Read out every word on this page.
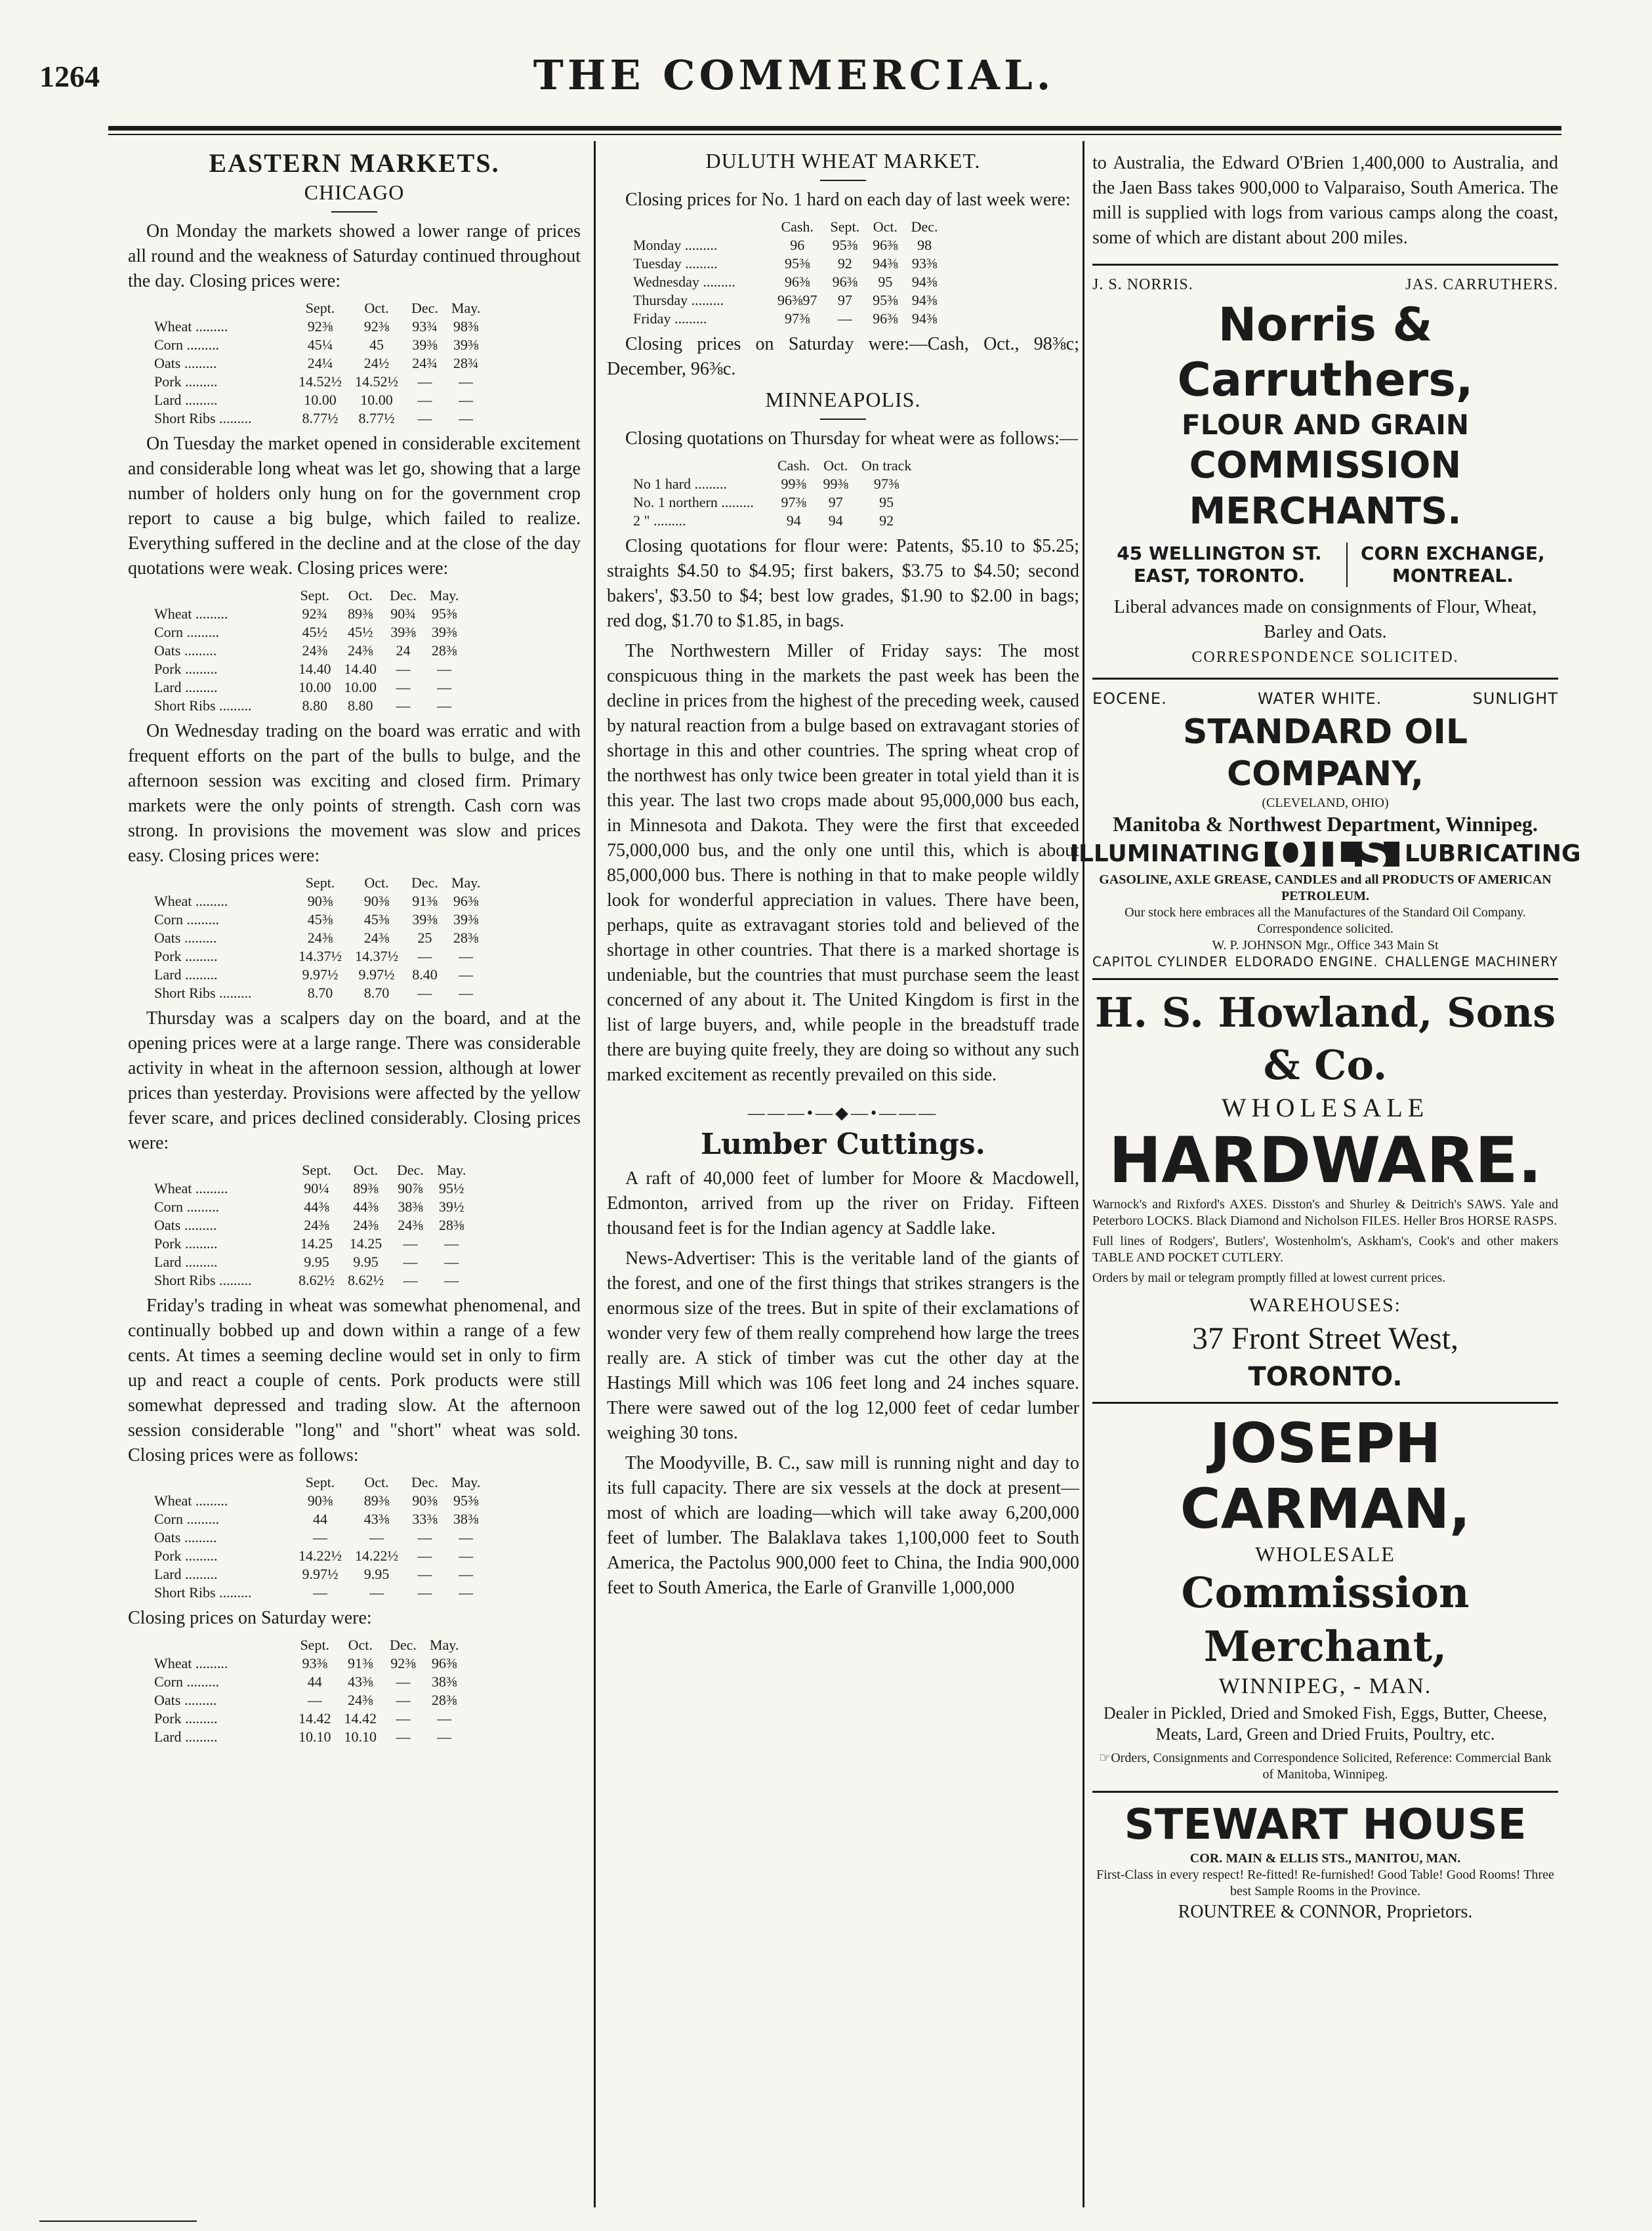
1264	THE COMMERCIAL.
EASTERN MARKETS.
CHICAGO

On Monday the markets showed a lower range of prices all round and the weakness of Saturday continued throughout the day. Closing prices were:

	Sept.	Oct.	Dec.	May.
Wheat .........	92⅜	92⅜	93¾	98⅜
Corn .........	45¼	45	39⅜	39⅜
Oats .........	24¼	24½	24¾	28¾
Pork .........	14.52½	14.52½	—	—
Lard .........	10.00	10.00	—	—
Short Ribs .........	8.77½	8.77½	—	—

On Tuesday the market opened in considerable excitement and considerable long wheat was let go, showing that a large number of holders only hung on for the government crop report to cause a big bulge, which failed to realize. Everything suffered in the decline and at the close of the day quotations were weak. Closing prices were:

	Sept.	Oct.	Dec.	May.
Wheat .........	92¾	89⅜	90¾	95⅜
Corn .........	45½	45½	39⅜	39⅜
Oats .........	24⅜	24⅜	24	28⅜
Pork .........	14.40	14.40	—	—
Lard .........	10.00	10.00	—	—
Short Ribs .........	8.80	8.80	—	—

On Wednesday trading on the board was erratic and with frequent efforts on the part of the bulls to bulge, and the afternoon session was exciting and closed firm. Primary markets were the only points of strength. Cash corn was strong. In provisions the movement was slow and prices easy. Closing prices were:

	Sept.	Oct.	Dec.	May.
Wheat .........	90⅜	90⅜	91⅜	96⅜
Corn .........	45⅜	45⅜	39⅜	39⅜
Oats .........	24⅜	24⅜	25	28⅜
Pork .........	14.37½	14.37½	—	—
Lard .........	9.97½	9.97½	8.40	—
Short Ribs .........	8.70	8.70	—	—

Thursday was a scalpers day on the board, and at the opening prices were at a large range. There was considerable activity in wheat in the afternoon session, although at lower prices than yesterday. Provisions were affected by the yellow fever scare, and prices declined considerably. Closing prices were:

	Sept.	Oct.	Dec.	May.
Wheat .........	90¼	89⅜	90⅞	95½
Corn .........	44⅜	44⅜	38⅜	39½
Oats .........	24⅜	24⅜	24⅜	28⅜
Pork .........	14.25	14.25	—	—
Lard .........	9.95	9.95	—	—
Short Ribs .........	8.62½	8.62½	—	—

Friday's trading in wheat was somewhat phenomenal, and continually bobbed up and down within a range of a few cents. At times a seeming decline would set in only to firm up and react a couple of cents. Pork products were still somewhat depressed and trading slow. At the afternoon session considerable "long" and "short" wheat was sold. Closing prices were as follows:

	Sept.	Oct.	Dec.	May.
Wheat .........	90⅜	89⅜	90⅜	95⅜
Corn .........	44	43⅜	33⅜	38⅜
Oats .........	—	—	—	—
Pork .........	14.22½	14.22½	—	—
Lard .........	9.97½	9.95	—	—
Short Ribs .........	—	—	—	—

Closing prices on Saturday were:

	Sept.	Oct.	Dec.	May.
Wheat .........	93⅜	91⅜	92⅜	96⅜
Corn .........	44	43⅜	—	38⅜
Oats .........	—	24⅜	—	28⅜
Pork .........	14.42	14.42	—	—
Lard .........	10.10	10.10	—	—
DULUTH WHEAT MARKET.

Closing prices for No. 1 hard on each day of last week were:

	Cash.	Sept.	Oct.	Dec.
Monday .........	96	95⅜	96⅜	98
Tuesday .........	95⅜	92	94⅜	93⅜
Wednesday .........	96⅜	96⅜	95	94⅜
Thursday .........	96⅜97	97	95⅜	94⅜
Friday .........	97⅜	—	96⅜	94⅜

Closing prices on Saturday were:—Cash, Oct., 98⅜c; December, 96⅜c.

MINNEAPOLIS.

Closing quotations on Thursday for wheat were as follows:—

	Cash.	Oct.	On track
No 1 hard .........	99⅜	99⅜	97⅜
No. 1 northern .........	97⅜	97	95
2 " .........	94	94	92

Closing quotations for flour were: Patents, $5.10 to $5.25; straights $4.50 to $4.95; first bakers, $3.75 to $4.50; second bakers', $3.50 to $4; best low grades, $1.90 to $2.00 in bags; red dog, $1.70 to $1.85, in bags.

The Northwestern Miller of Friday says: The most conspicuous thing in the markets the past week has been the decline in prices from the highest of the preceding week, caused by natural reaction from a bulge based on extravagant stories of shortage in this and other countries. The spring wheat crop of the northwest has only twice been greater in total yield than it is this year. The last two crops made about 95,000,000 bus each, in Minnesota and Dakota. They were the first that exceeded 75,000,000 bus, and the only one until this, which is about 85,000,000 bus. There is nothing in that to make people wildly look for wonderful appreciation in values. There have been, perhaps, quite as extravagant stories told and believed of the shortage in other countries. That there is a marked shortage is undeniable, but the countries that must purchase seem the least concerned of any about it. The United Kingdom is first in the list of large buyers, and, while people in the breadstuff trade there are buying quite freely, they are doing so without any such marked excitement as recently prevailed on this side.

———•—◆—•———
Lumber Cuttings.

A raft of 40,000 feet of lumber for Moore & Macdowell, Edmonton, arrived from up the river on Friday. Fifteen thousand feet is for the Indian agency at Saddle lake.

News-Advertiser: This is the veritable land of the giants of the forest, and one of the first things that strikes strangers is the enormous size of the trees. But in spite of their exclamations of wonder very few of them really comprehend how large the trees really are. A stick of timber was cut the other day at the Hastings Mill which was 106 feet long and 24 inches square. There were sawed out of the log 12,000 feet of cedar lumber weighing 30 tons.

The Moodyville, B. C., saw mill is running night and day to its full capacity. There are six vessels at the dock at present—most of which are loading—which will take away 6,200,000 feet of lumber. The Balaklava takes 1,100,000 feet to South America, the Pactolus 900,000 feet to China, the India 900,000 feet to South America, the Earle of Granville 1,000,000

to Australia, the Edward O'Brien 1,400,000 to Australia, and the Jaen Bass takes 900,000 to Valparaiso, South America. The mill is supplied with logs from various camps along the coast, some of which are distant about 200 miles.

J. S. NORRIS.	JAS. CARRUTHERS.
Norris & Carruthers,
FLOUR AND GRAIN
COMMISSION MERCHANTS.
45 WELLINGTON ST. EAST, TORONTO.
CORN EXCHANGE, MONTREAL.
Liberal advances made on consignments of Flour, Wheat, Barley and Oats.
CORRESPONDENCE SOLICITED.
EOCENE.	WATER WHITE.	SUNLIGHT
STANDARD OIL COMPANY,
(CLEVELAND, OHIO)
Manitoba & Northwest Department, Winnipeg.
ILLUMINATING OILS LUBRICATING
GASOLINE, AXLE GREASE, CANDLES and all PRODUCTS OF AMERICAN PETROLEUM.
Our stock here embraces all the Manufactures of the Standard Oil Company. Correspondence solicited.
W. P. JOHNSON Mgr., Office 343 Main St
CAPITOL CYLINDER ELDORADO ENGINE. CHALLENGE MACHINERY
H. S. Howland, Sons & Co.
WHOLESALE
HARDWARE.
Warnock's and Rixford's AXES. Disston's and Shurley & Deitrich's SAWS. Yale and Peterboro LOCKS. Black Diamond and Nicholson FILES. Heller Bros HORSE RASPS.
Full lines of Rodgers', Butlers', Wostenholm's, Askham's, Cook's and other makers TABLE AND POCKET CUTLERY.
Orders by mail or telegram promptly filled at lowest current prices.
WAREHOUSES:
37 Front Street West,
TORONTO.
JOSEPH CARMAN,
WHOLESALE
Commission Merchant,
WINNIPEG, - MAN.
Dealer in Pickled, Dried and Smoked Fish, Eggs, Butter, Cheese, Meats, Lard, Green and Dried Fruits, Poultry, etc.
☞Orders, Consignments and Correspondence Solicited, Reference: Commercial Bank of Manitoba, Winnipeg.
STEWART HOUSE
COR. MAIN & ELLIS STS., MANITOU, MAN.
First-Class in every respect! Re-fitted! Re-furnished! Good Table! Good Rooms! Three best Sample Rooms in the Province.
ROUNTREE & CONNOR, Proprietors.
